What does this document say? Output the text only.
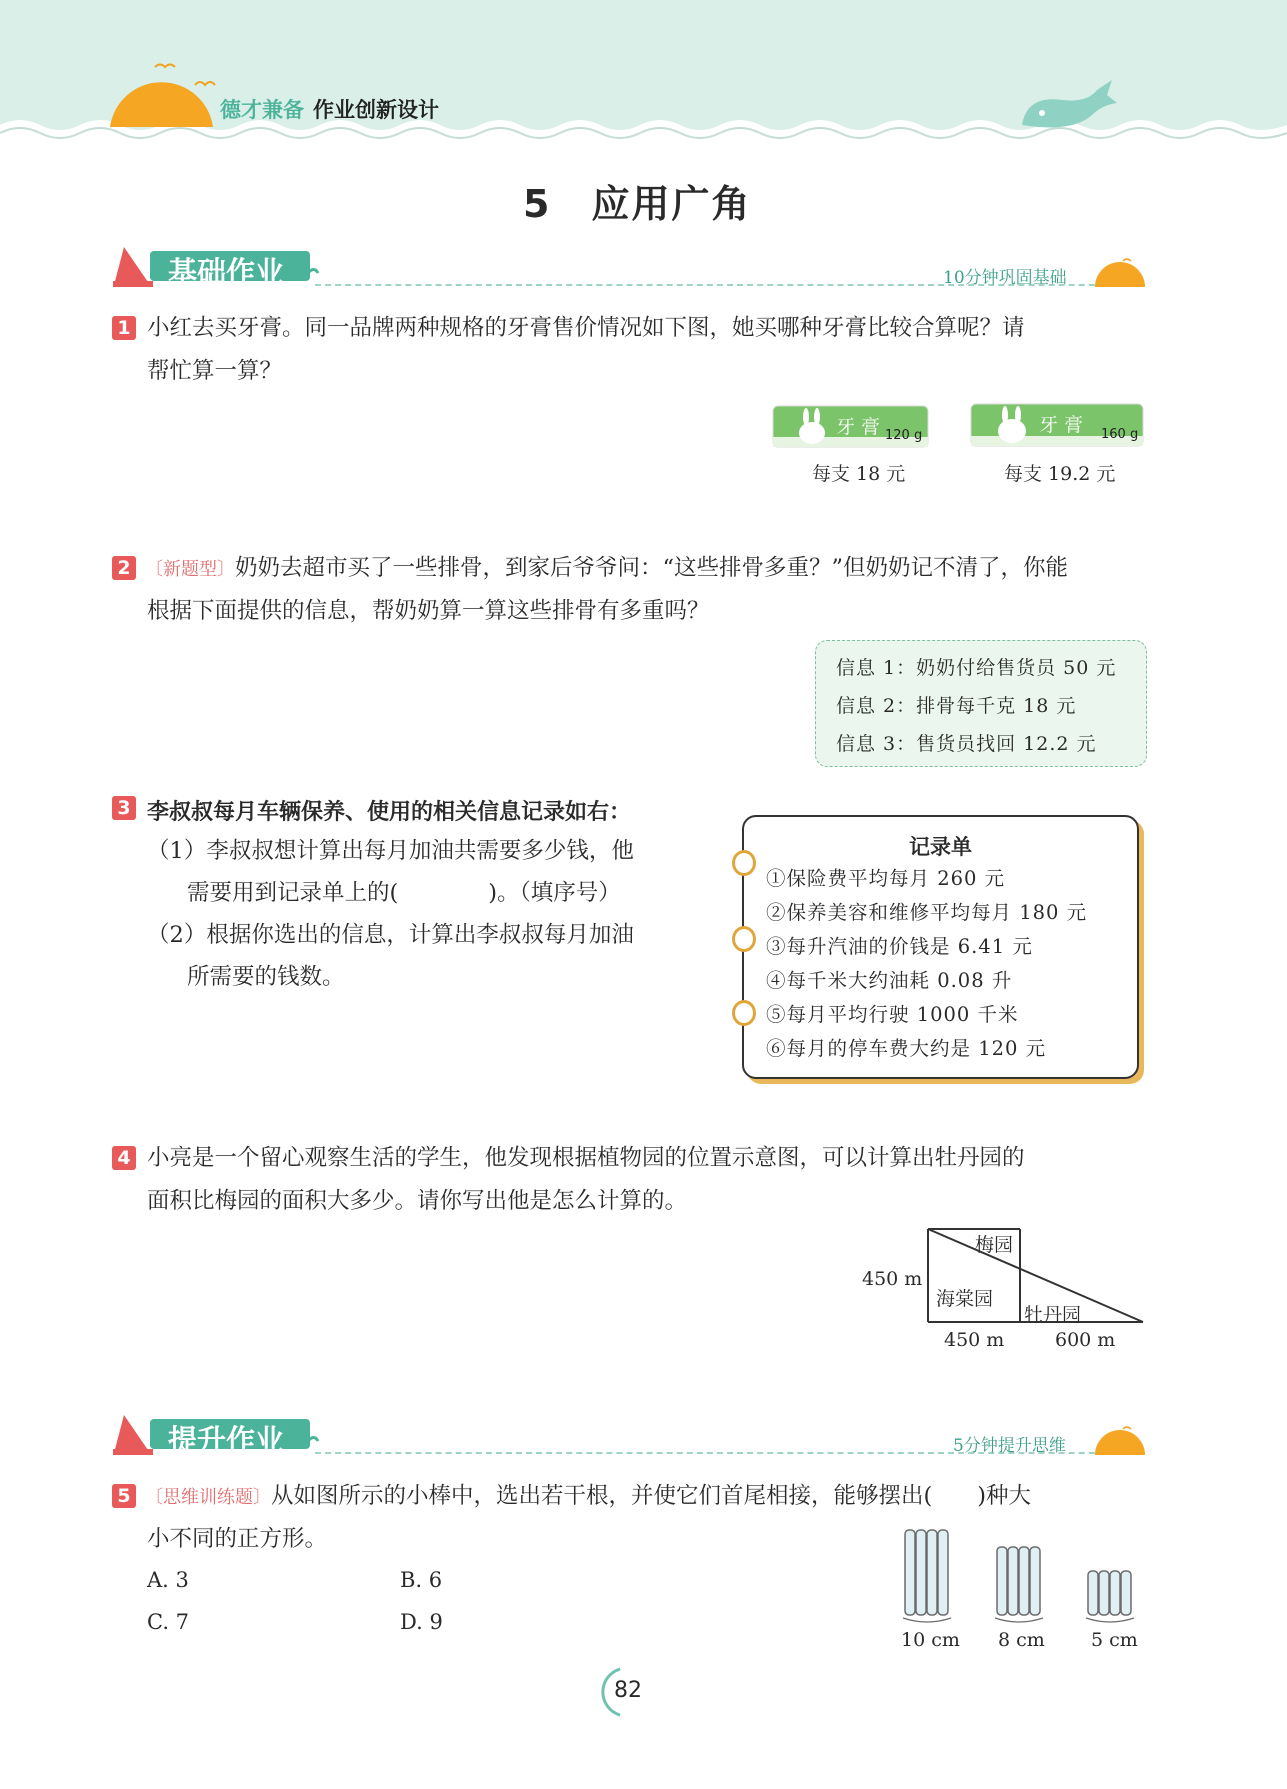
德才兼备 作业创新设计
5　应用广角
基础作业	10分钟巩固基础
1 小红去买牙膏。同一品牌两种规格的牙膏售价情况如下图，她买哪种牙膏比较合算呢？请
帮忙算一算？
牙 膏 120 g
每支 18 元
牙 膏 160 g
每支 19.2 元
2 〔新题型〕奶奶去超市买了一些排骨，到家后爷爷问：“这些排骨多重？”但奶奶记不清了，你能
根据下面提供的信息，帮奶奶算一算这些排骨有多重吗？
信息 1：奶奶付给售货员 50 元
信息 2：排骨每千克 18 元
信息 3：售货员找回 12.2 元
3 李叔叔每月车辆保养、使用的相关信息记录如右：
（1）李叔叔想计算出每月加油共需要多少钱，他
需要用到记录单上的(　　　　)。（填序号）
（2）根据你选出的信息，计算出李叔叔每月加油
所需要的钱数。
记录单
①保险费平均每月 260 元
②保养美容和维修平均每月 180 元
③每升汽油的价钱是 6.41 元
④每千米大约油耗 0.08 升
⑤每月平均行驶 1000 千米
⑥每月的停车费大约是 120 元
4 小亮是一个留心观察生活的学生，他发现根据植物园的位置示意图，可以计算出牡丹园的
面积比梅园的面积大多少。请你写出他是怎么计算的。
梅园
海棠园
牡丹园
450 m
450 m	600 m
提升作业	5分钟提升思维
5 〔思维训练题〕从如图所示的小棒中，选出若干根，并使它们首尾相接，能够摆出(　　)种大
小不同的正方形。
A. 3	B. 6
C. 7	D. 9
10 cm 8 cm 5 cm
82
